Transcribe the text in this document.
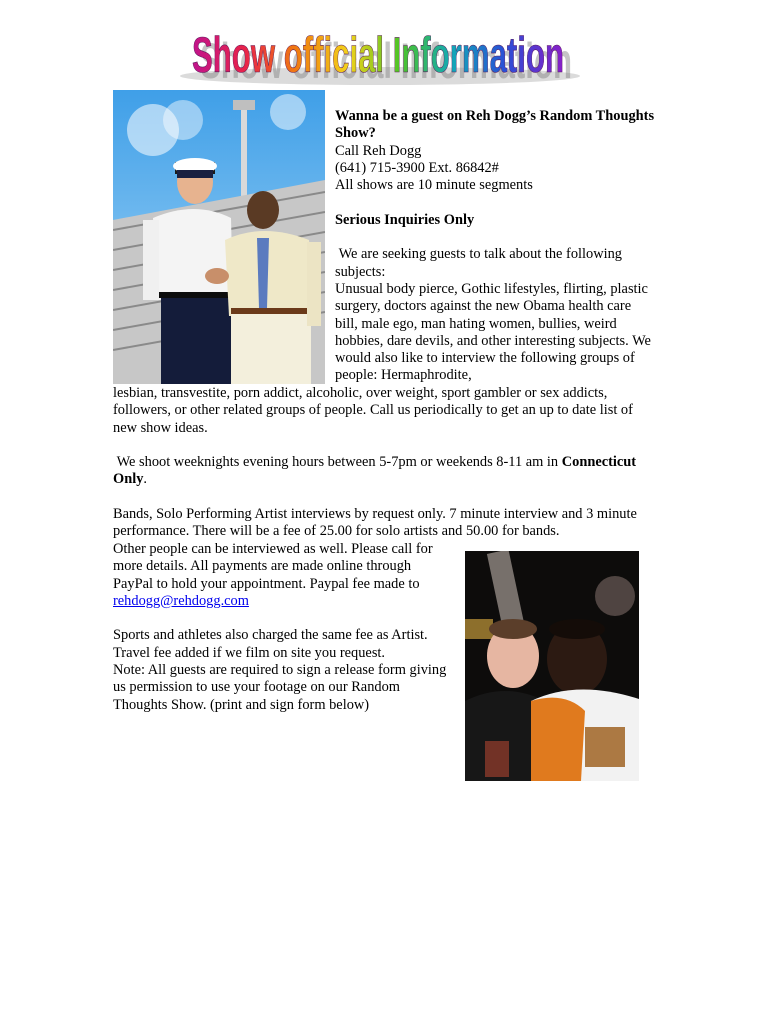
Show official Information
Show official Information

Wanna be a guest on Reh Dogg’s Random Thoughts Show?

Call Reh Dogg

(641) 715-3900 Ext. 86842#

All shows are 10 minute segments

Serious Inquiries Only

We are seeking guests to talk about the following subjects:

Unusual body pierce, Gothic lifestyles, flirting, plastic surgery, doctors against the new Obama health care bill, male ego, man hating women, bullies, weird hobbies, dare devils, and other interesting subjects. We would also like to interview the following groups of people: Hermaphrodite,

lesbian, transvestite, porn addict, alcoholic, over weight, sport gambler or sex addicts, followers, or other related groups of people. Call us periodically to get an up to date list of new show ideas.

We shoot weeknights evening hours between 5-7pm or weekends 8-11 am in Connecticut Only.

Bands, Solo Performing Artist interviews by request only. 7 minute interview and 3 minute performance. There will be a fee of 25.00 for solo artists and 50.00 for bands.

Other people can be interviewed as well. Please call for more details. All payments are made online through PayPal to hold your appointment. Paypal fee made to

rehdogg@rehdogg.com

Sports and athletes also charged the same fee as Artist. Travel fee added if we film on site you request.

Note: All guests are required to sign a release form giving us permission to use your footage on our Random Thoughts Show. (print and sign form below)
